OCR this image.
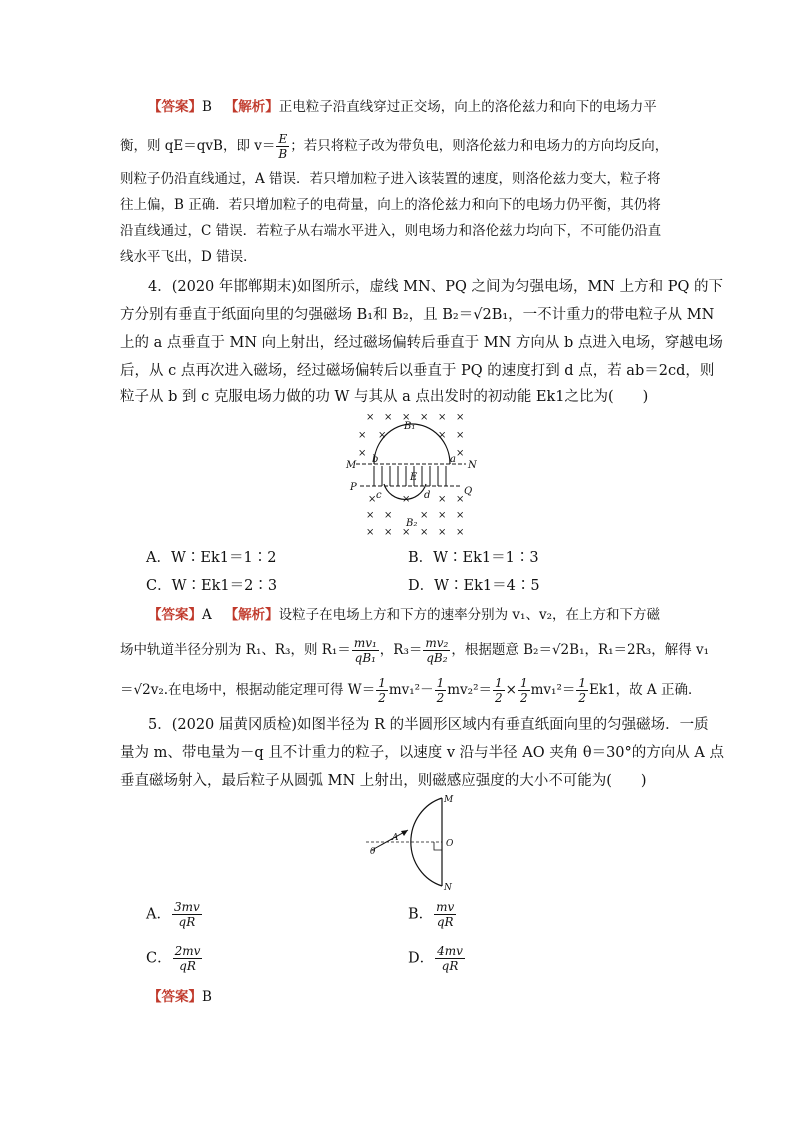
【答案】B 【解析】正电粒子沿直线穿过正交场，向上的洛伦兹力和向下的电场力平
衡，则 qE＝qvB，即 $v= \frac{E}{B}$ ；若只将粒子改为带负电，则洛伦兹力和电场力的方向均反向，
则粒子仍沿直线通过，A 错误．若只增加粒子进入该装置的速度，则洛伦兹力变大，粒子将
往上偏，B 正确．若只增加粒子的电荷量，向上的洛伦兹力和向下的电场力仍平衡，其仍将
沿直线通过，C 错误．若粒子从右端水平进入，则电场力和洛伦兹力均向下，不可能仍沿直
线水平飞出，D 错误．
4．(2020 年邯郸期末)如图所示，虚线 MN、PQ 之间为匀强电场，MN 上方和 PQ 的下
方分别有垂直于纸面向里的匀强磁场 B₁和 B₂，且 B₂＝√2B₁，一不计重力的带电粒子从 MN
上的 a 点垂直于 MN 向上射出，经过磁场偏转后垂直于 MN 方向从 b 点进入电场，穿越电场
后，从 c 点再次进入磁场，经过磁场偏转后以垂直于 PQ 的速度打到 d 点，若 ab＝2cd，则
粒子从 b 到 c 克服电场力做的功 W 与其从 a 点出发时的初动能 Ek1之比为(　　)
× × × × × ×
× ×	× ×
×	×
×	×	× ×
× ×	× × ×
× × × × × ×
B₁
B₂
M	N
P	Q
a
b
c	d
E
A．W∶Ek1＝1∶2	B．W∶Ek1＝1∶3
C．W∶Ek1＝2∶3	D．W∶Ek1＝4∶5
【答案】A 【解析】设粒子在电场上方和下方的速率分别为 v₁、v₂，在上方和下方磁
场中轨道半径分别为 R₁、R₃，则 $R_1= \frac{\text{mv₁}}{\text{qB₁}}$ ，$R_3= \frac{\text{mv₂}}{\text{qB₂}}$ ，根据题意 B₂＝√2B₁，R₁＝2R₃，解得 v₁
＝√2v₂.在电场中，根据动能定理可得 $W= \frac{1}{2} mv_1^2- \frac{1}{2} mv_2^2= \frac{1}{2} \times \frac{1}{2} mv_1^2= \frac{1}{2} Ek1$，故 A 正确．
5．(2020 届黄冈质检)如图半径为 R 的半圆形区域内有垂直纸面向里的匀强磁场．一质
量为 m、带电量为－q 且不计重力的粒子，以速度 v 沿与半径 AO 夹角 θ＝30°的方向从 A 点
垂直磁场射入，最后粒子从圆弧 MN 上射出，则磁感应强度的大小不可能为(　　)
M
N
O
A
θ
A． $\frac{3mv}{qR}$	B． $\frac{mv}{qR}$
C． $\frac{2mv}{qR}$	D． $\frac{4mv}{qR}$
【答案】B
